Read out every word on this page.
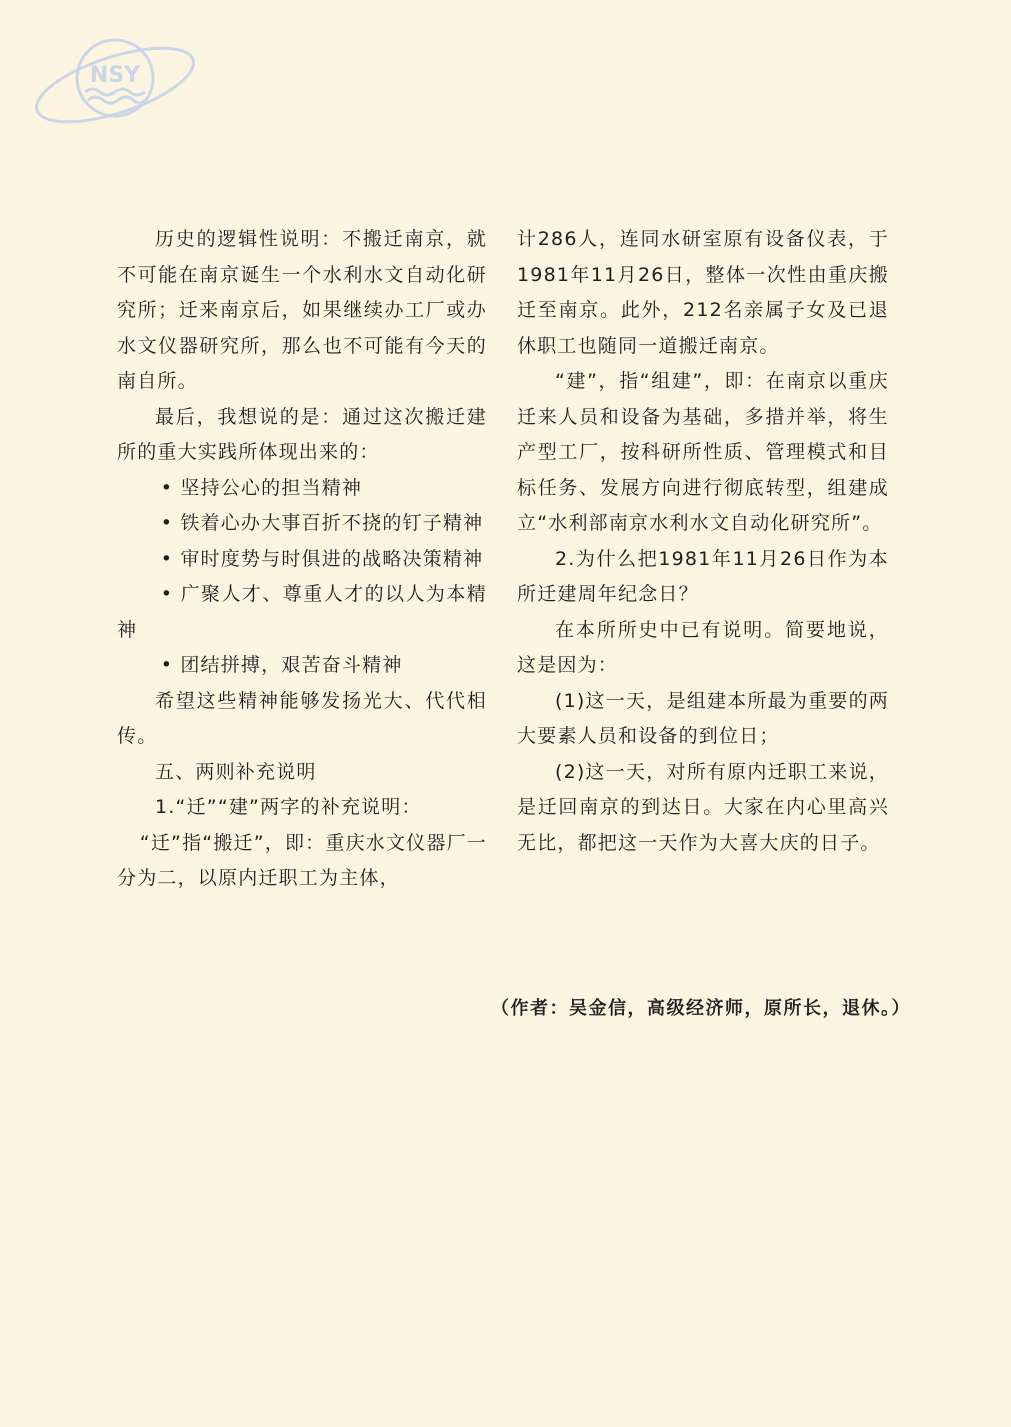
NSY

历史的逻辑性说明：不搬迁南京，就不可能在南京诞生一个水利水文自动化研究所；迁来南京后，如果继续办工厂或办水文仪器研究所，那么也不可能有今天的南自所。

最后，我想说的是：通过这次搬迁建所的重大实践所体现出来的：

• 坚持公心的担当精神

• 铁着心办大事百折不挠的钉子精神

• 审时度势与时俱进的战略决策精神

• 广聚人才、尊重人才的以人为本精神

• 团结拼搏，艰苦奋斗精神

希望这些精神能够发扬光大、代代相传。

五、两则补充说明

1.“迁”“建”两字的补充说明：

“迁”指“搬迁”，即：重庆水文仪器厂一分为二，以原内迁职工为主体，

计286人，连同水研室原有设备仪表，于1981年11月26日，整体一次性由重庆搬迁至南京。此外，212名亲属子女及已退休职工也随同一道搬迁南京。

“建”，指“组建”，即：在南京以重庆迁来人员和设备为基础，多措并举，将生产型工厂，按科研所性质、管理模式和目标任务、发展方向进行彻底转型，组建成立“水利部南京水利水文自动化研究所”。

2.为什么把1981年11月26日作为本所迁建周年纪念日？

在本所所史中已有说明。简要地说，这是因为：

(1)这一天，是组建本所最为重要的两大要素人员和设备的到位日；

(2)这一天，对所有原内迁职工来说，是迁回南京的到达日。大家在内心里高兴无比，都把这一天作为大喜大庆的日子。

（作者：吴金信，高级经济师，原所长，退休。）
